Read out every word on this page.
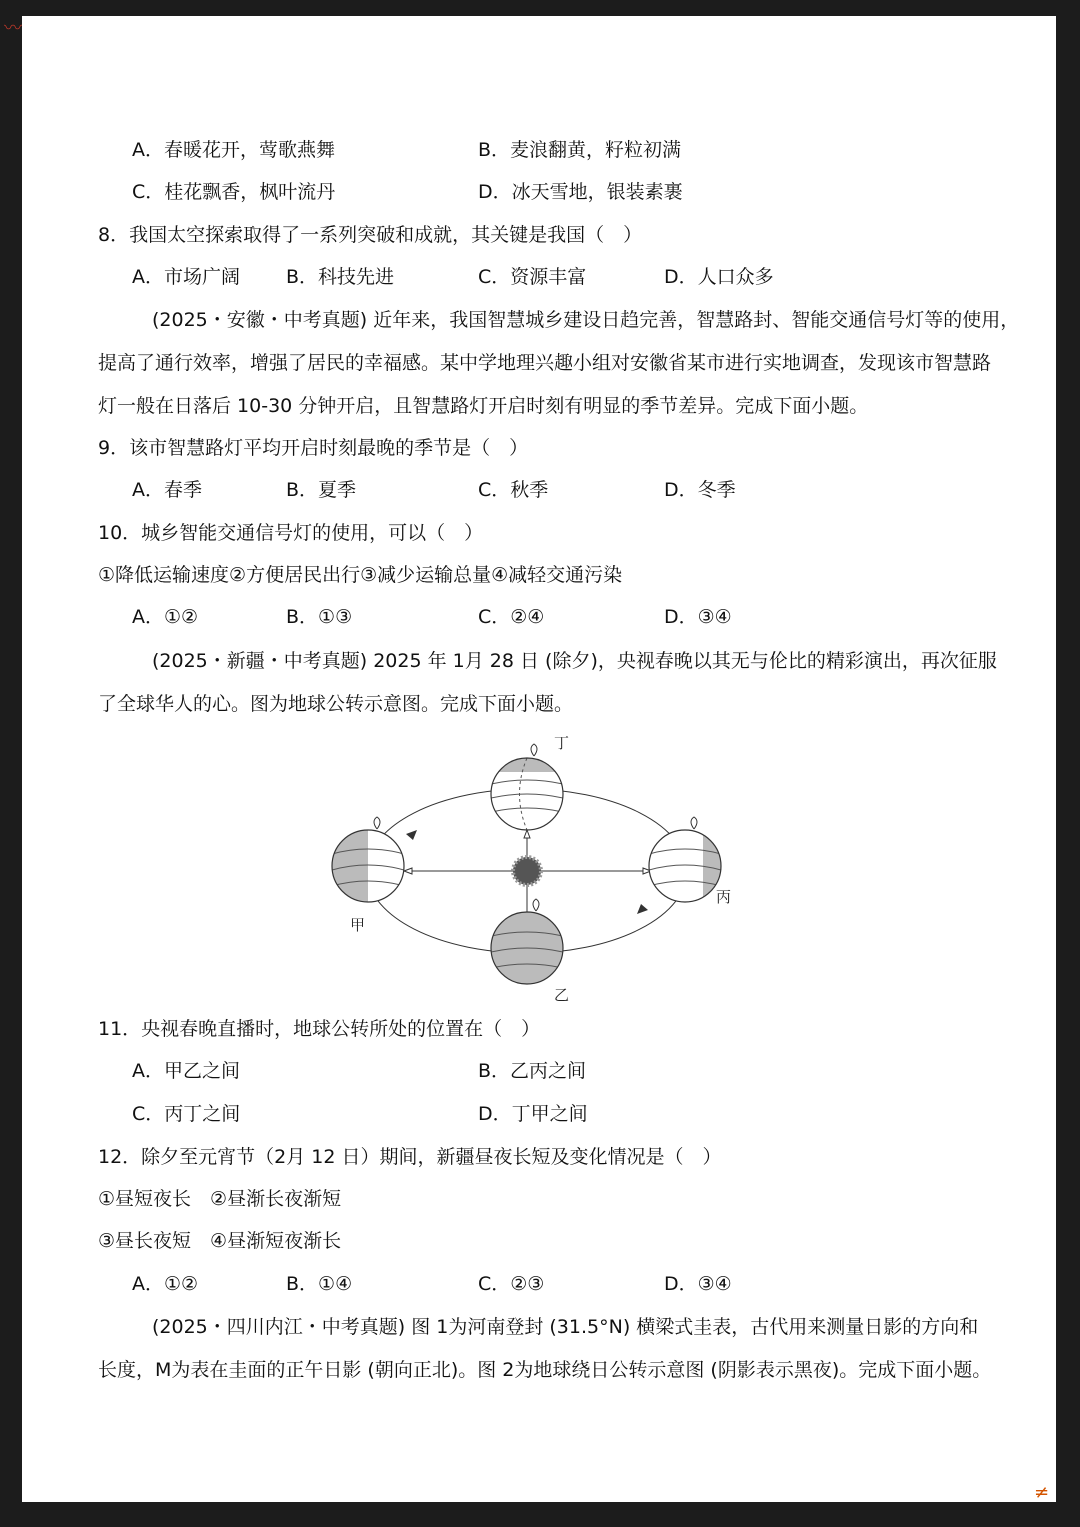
A．春暖花开，莺歌燕舞	B．麦浪翻黄，籽粒初满
C．桂花飘香，枫叶流丹	D．冰天雪地，银装素裹
8．我国太空探索取得了一系列突破和成就，其关键是我国（　）
A．市场广阔 B．科技先进	C．资源丰富	D．人口众多
(2025・安徽・中考真题) 近年来，我国智慧城乡建设日趋完善，智慧路封、智能交通信号灯等的使用，
提高了通行效率，增强了居民的幸福感。某中学地理兴趣小组对安徽省某市进行实地调查，发现该市智慧路
灯一般在日落后 10-30 分钟开启，且智慧路灯开启时刻有明显的季节差异。完成下面小题。
9．该市智慧路灯平均开启时刻最晚的季节是（　）
A．春季	B．夏季	C．秋季	D．冬季
10．城乡智能交通信号灯的使用，可以（　）
①降低运输速度②方便居民出行③减少运输总量④减轻交通污染
A．①②	B．①③	C．②④	D．③④
(2025・新疆・中考真题) 2025 年 1月 28 日 (除夕)，央视春晚以其无与伦比的精彩演出，再次征服
了全球华人的心。图为地球公转示意图。完成下面小题。
丁
甲
丙
乙
11．央视春晚直播时，地球公转所处的位置在（　）
A．甲乙之间	B．乙丙之间
C．丙丁之间	D．丁甲之间
12．除夕至元宵节（2月 12 日）期间，新疆昼夜长短及变化情况是（　）
①昼短夜长　②昼渐长夜渐短
③昼长夜短　④昼渐短夜渐长
A．①②	B．①④	C．②③	D．③④
(2025・四川内江・中考真题) 图 1为河南登封 (31.5°N) 横梁式圭表，古代用来测量日影的方向和
长度，M为表在圭面的正午日影 (朝向正北)。图 2为地球绕日公转示意图 (阴影表示黑夜)。完成下面小题。
〰
≠
